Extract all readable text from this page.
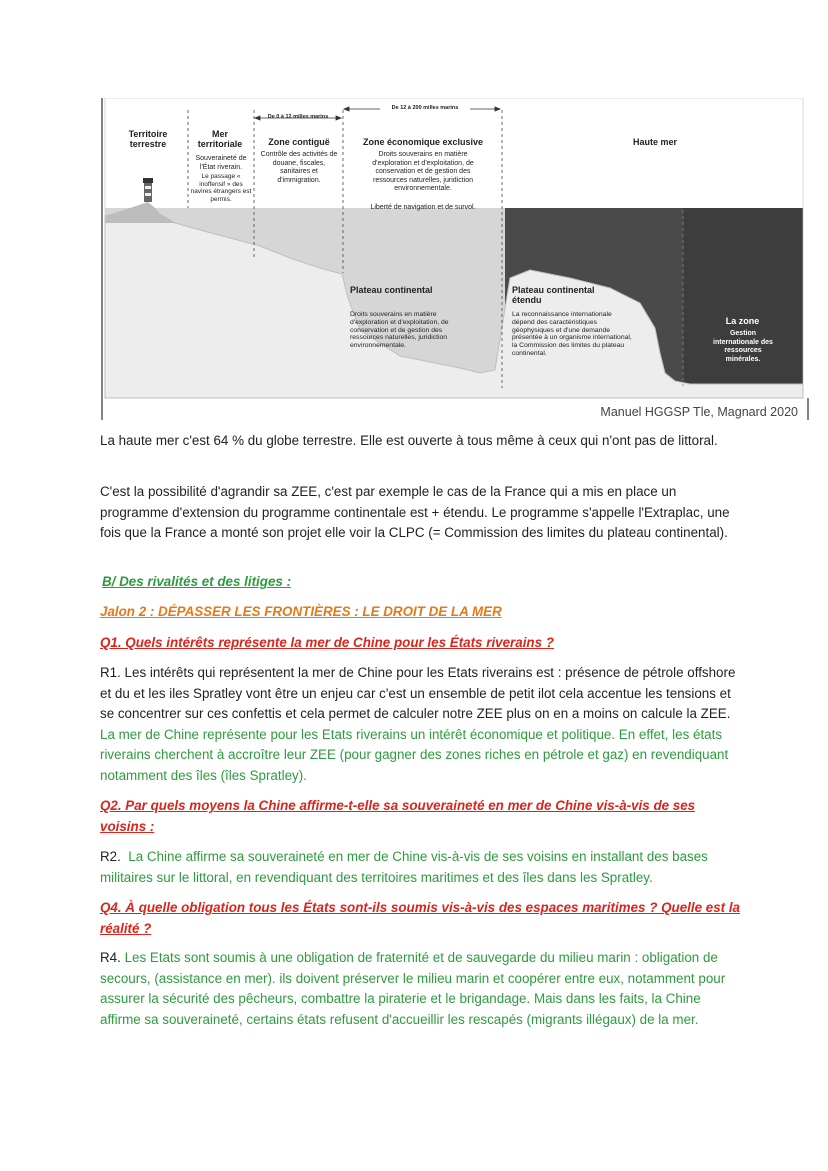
De 0 à 12 milles marins
De 12 à 200 milles marins
Territoire terrestre
Mer territoriale
Souveraineté de l'État riverain.
Le passage « inoffensif » des navires étrangers est permis.
Zone contiguë
Contrôle des activités de douane, fiscales, sanitaires et d'immigration.
Zone économique exclusive
Droits souverains en matière d'exploration et d'exploitation, de conservation et de gestion des ressources naturelles, juridiction environnementale.
Liberté de navigation et de survol.
Haute mer
Plateau continental
Droits souverains en matière d'exploration et d'exploitation, de conservation et de gestion des ressources naturelles, juridiction environnementale.
Plateau continental étendu
La reconnaissance internationale dépend des caractéristiques géophysiques et d'une demande présentée à un organisme international, la Commission des limites du plateau continental.
La zone
Gestion internationale des ressources minérales.
Manuel HGGSP Tle, Magnard 2020

La haute mer c'est 64 % du globe terrestre. Elle est ouverte à tous même à ceux qui n'ont pas de littoral.

C'est la possibilité d'agrandir sa ZEE, c'est par exemple le cas de la France qui a mis en place un programme d'extension du programme continentale est + étendu. Le programme s'appelle l'Extraplac, une fois que la France a monté son projet elle voir la CLPC (= Commission des limites du plateau continental).

B/ Des rivalités et des litiges :

Jalon 2 : DÉPASSER LES FRONTIÈRES : LE DROIT DE LA MER

Q1. Quels intérêts représente la mer de Chine pour les États riverains ?

R1. Les intérêts qui représentent la mer de Chine pour les Etats riverains est : présence de pétrole offshore et du et les iles Spratley vont être un enjeu car c'est un ensemble de petit ilot cela accentue les tensions et se concentrer sur ces confettis et cela permet de calculer notre ZEE plus on en a moins on calcule la ZEE. La mer de Chine représente pour les Etats riverains un intérêt économique et politique. En effet, les états riverains cherchent à accroître leur ZEE (pour gagner des zones riches en pétrole et gaz) en revendiquant notamment des îles (îles Spratley).

Q2. Par quels moyens la Chine affirme-t-elle sa souveraineté en mer de Chine vis-à-vis de ses voisins :

R2. La Chine affirme sa souveraineté en mer de Chine vis-à-vis de ses voisins en installant des bases militaires sur le littoral, en revendiquant des territoires maritimes et des îles dans les Spratley.

Q4. À quelle obligation tous les États sont-ils soumis vis-à-vis des espaces maritimes ? Quelle est la réalité ?

R4. Les Etats sont soumis à une obligation de fraternité et de sauvegarde du milieu marin : obligation de secours, (assistance en mer). ils doivent préserver le milieu marin et coopérer entre eux, notamment pour assurer la sécurité des pêcheurs, combattre la piraterie et le brigandage. Mais dans les faits, la Chine affirme sa souveraineté, certains états refusent d'accueillir les rescapés (migrants illégaux) de la mer.
